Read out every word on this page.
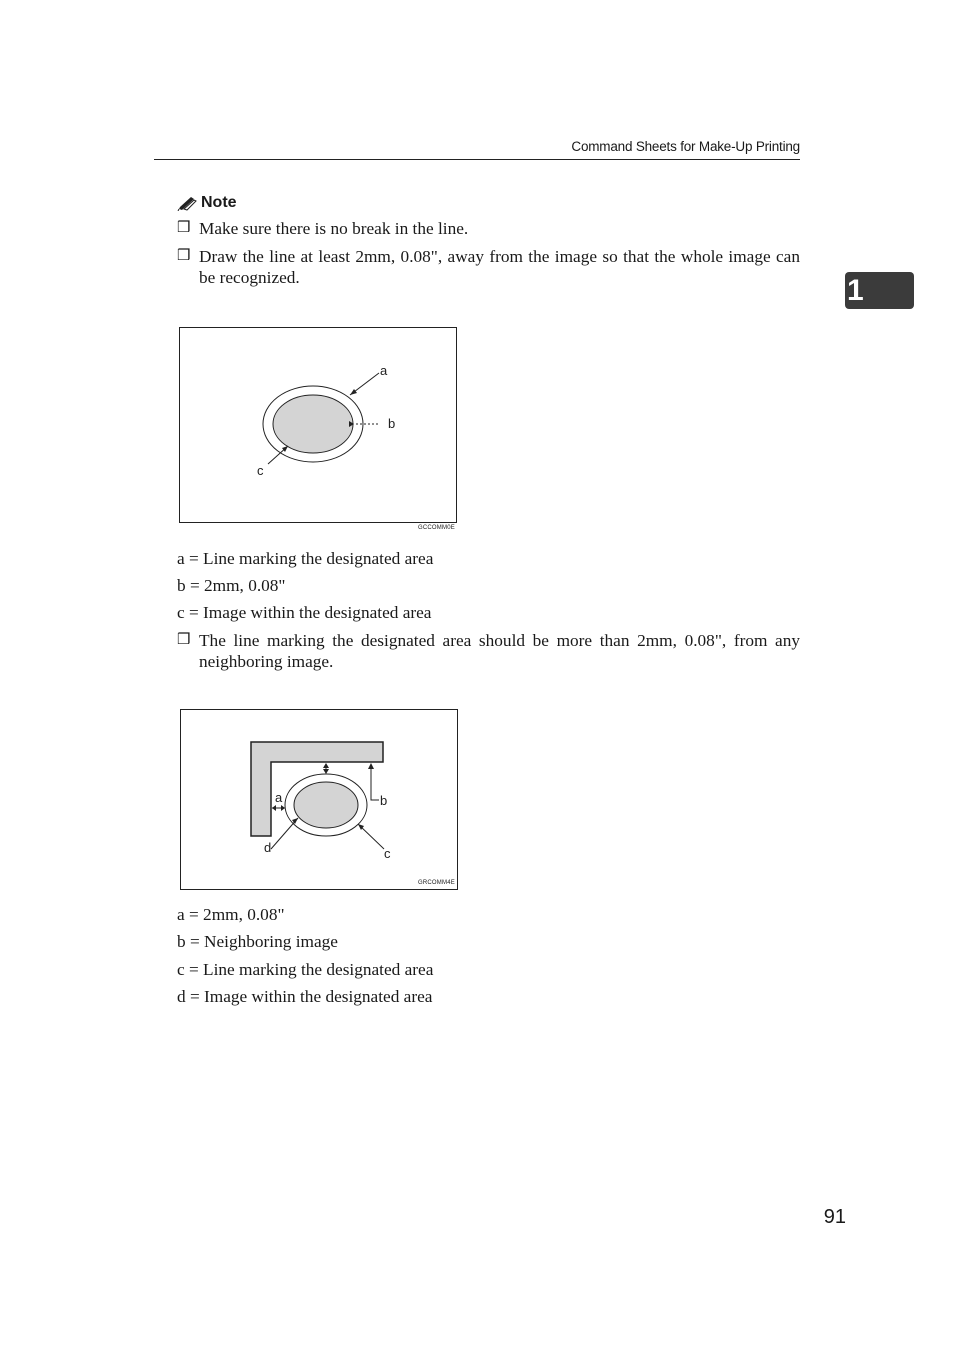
Command Sheets for Make-Up Printing
1
Note
❒ Make sure there is no break in the line.
❒ Draw the line at least 2mm, 0.08", away from the image so that the whole image can be recognized.
a
b
c
GCCOMM0E
a = Line marking the designated area
b = 2mm, 0.08"
c = Image within the designated area
❒ The line marking the designated area should be more than 2mm, 0.08", from any neighboring image.
a	b
c
d
GRCOMM4E
a = 2mm, 0.08"
b = Neighboring image
c = Line marking the designated area
d = Image within the designated area
91
